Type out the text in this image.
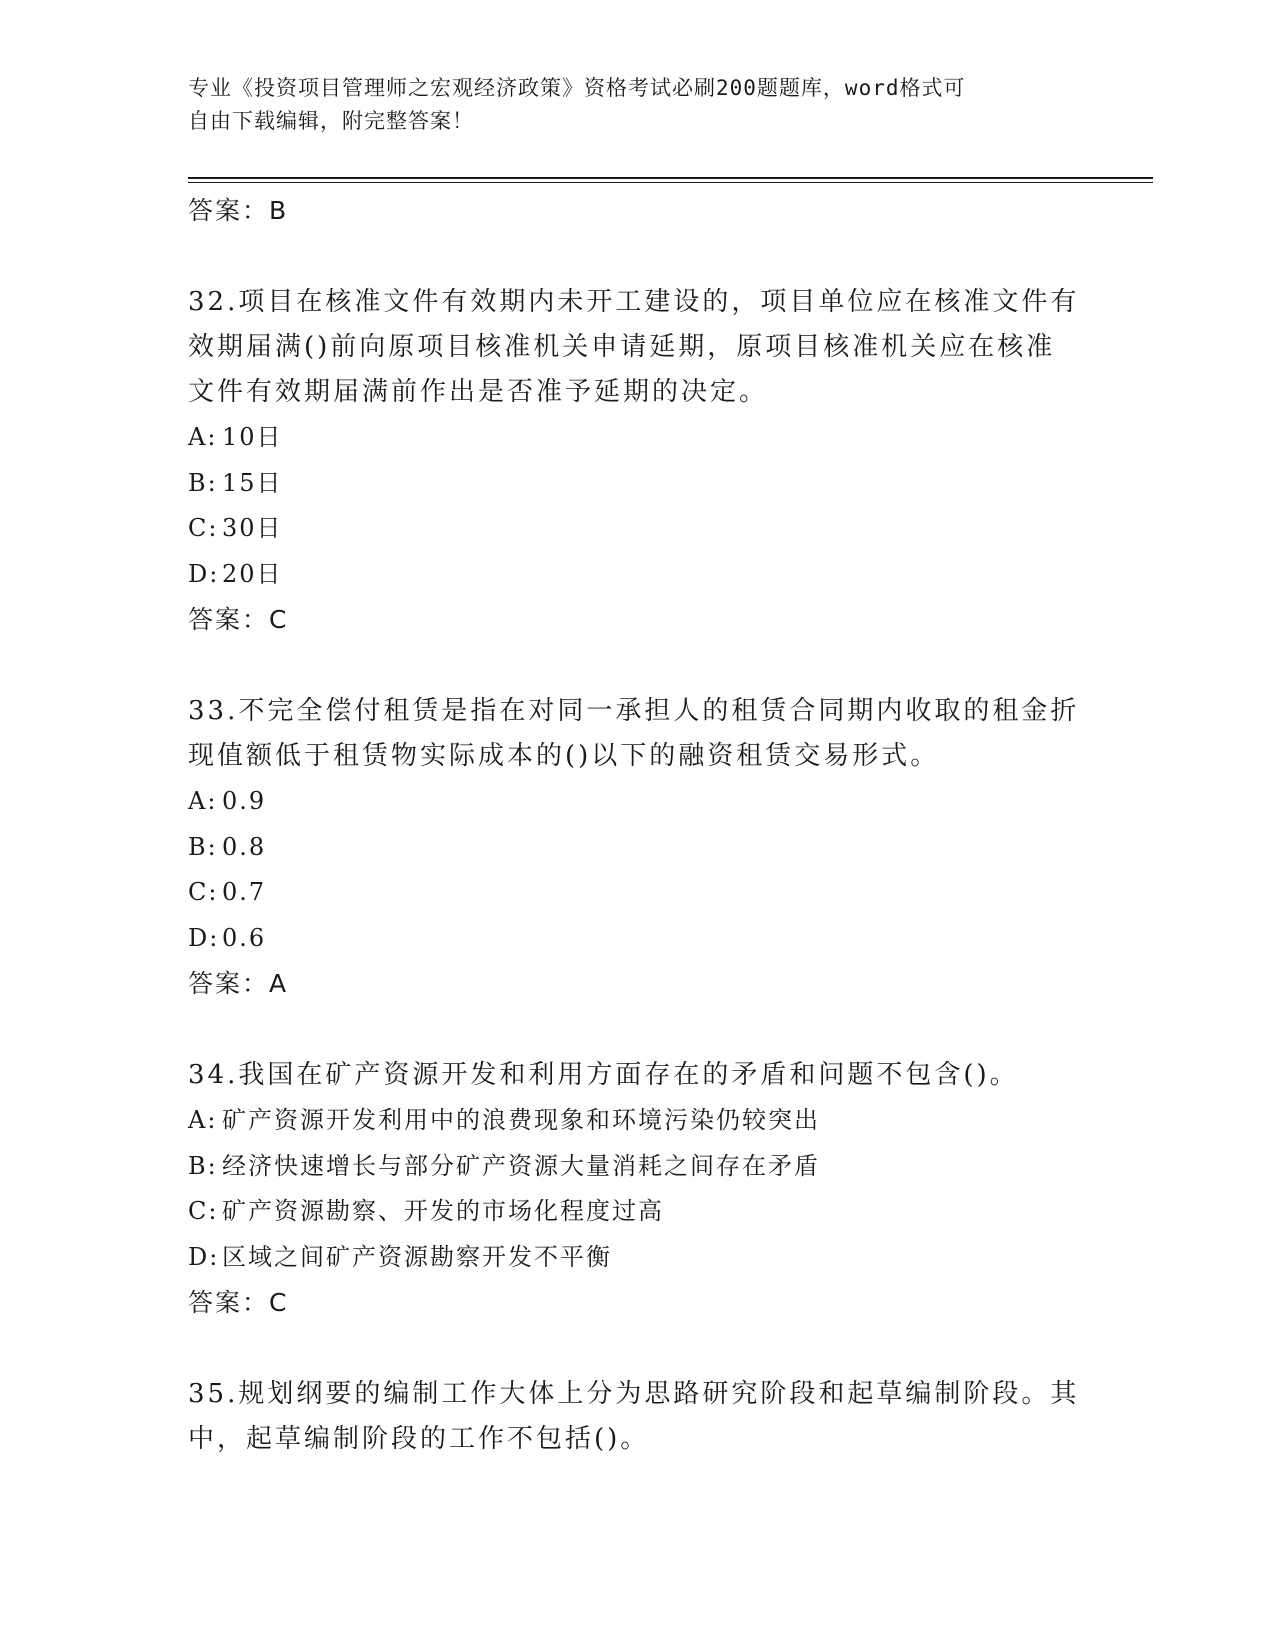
专业《投资项目管理师之宏观经济政策》资格考试必刷200题题库，word格式可
自由下载编辑，附完整答案！

答案：B

32.项目在核准文件有效期内未开工建设的，项目单位应在核准文件有

效期届满()前向原项目核准机关申请延期，原项目核准机关应在核准

文件有效期届满前作出是否准予延期的决定。

A: 10日

B: 15日

C: 30日

D: 20日

答案：C

33.不完全偿付租赁是指在对同一承担人的租赁合同期内收取的租金折

现值额低于租赁物实际成本的()以下的融资租赁交易形式。

A: 0.9

B: 0.8

C: 0.7

D: 0.6

答案：A

34.我国在矿产资源开发和利用方面存在的矛盾和问题不包含()。

A: 矿产资源开发利用中的浪费现象和环境污染仍较突出

B: 经济快速增长与部分矿产资源大量消耗之间存在矛盾

C: 矿产资源勘察、开发的市场化程度过高

D: 区域之间矿产资源勘察开发不平衡

答案：C

35.规划纲要的编制工作大体上分为思路研究阶段和起草编制阶段。其

中，起草编制阶段的工作不包括()。
